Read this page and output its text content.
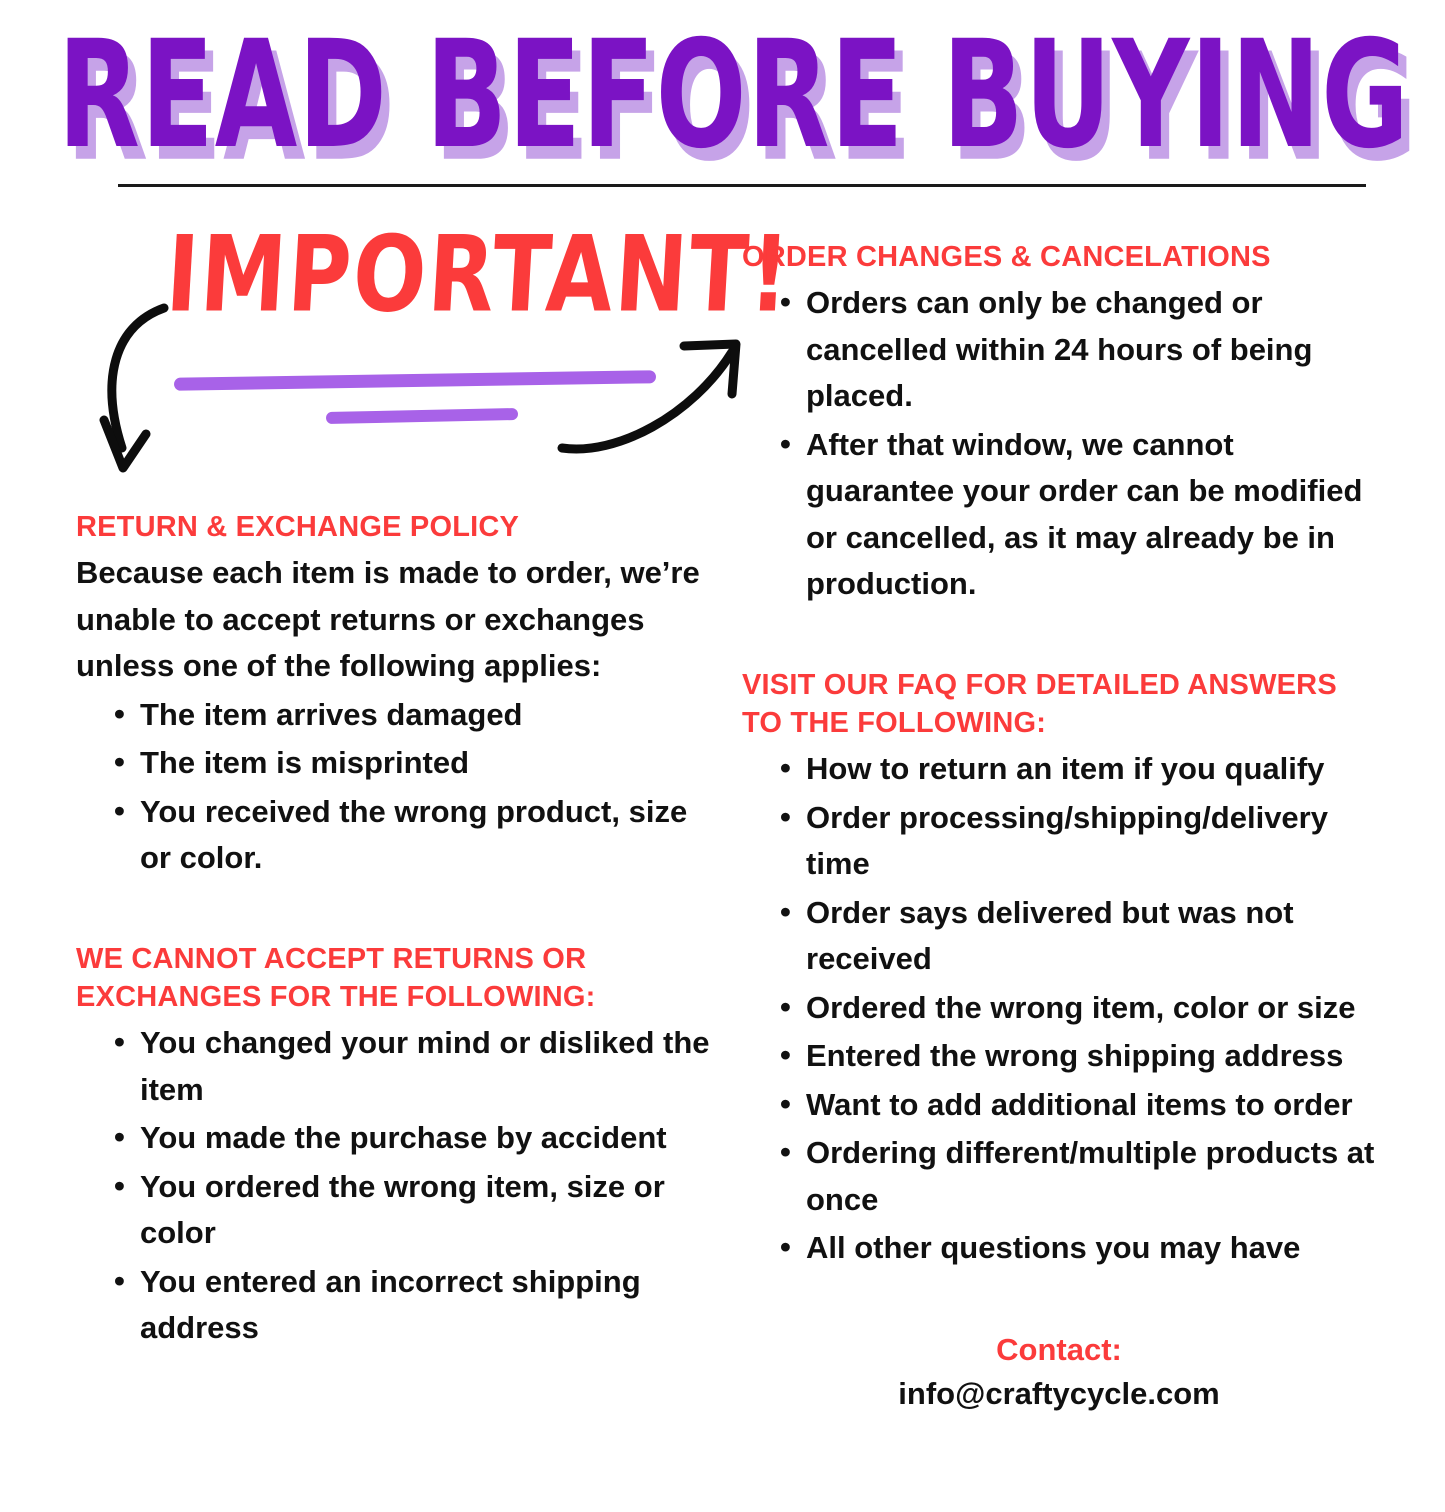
READ BEFORE BUYING
IMPORTANT!
RETURN & EXCHANGE POLICY

Because each item is made to order, we’re unable to accept returns or exchanges unless one of the following applies:

• The item arrives damaged
• The item is misprinted
• You received the wrong product, size or color.
WE CANNOT ACCEPT RETURNS OR EXCHANGES FOR THE FOLLOWING:
• You changed your mind or disliked the item
• You made the purchase by accident
• You ordered the wrong item, size or color
• You entered an incorrect shipping address
ORDER CHANGES & CANCELATIONS
• Orders can only be changed or cancelled within 24 hours of being placed.
• After that window, we cannot guarantee your order can be modified or cancelled, as it may already be in production.
VISIT OUR FAQ FOR DETAILED ANSWERS TO THE FOLLOWING:
• How to return an item if you qualify
• Order processing/shipping/delivery time
• Order says delivered but was not received
• Ordered the wrong item, color or size
• Entered the wrong shipping address
• Want to add additional items to order
• Ordering different/multiple products at once
• All other questions you may have
Contact:
info@craftycycle.com
